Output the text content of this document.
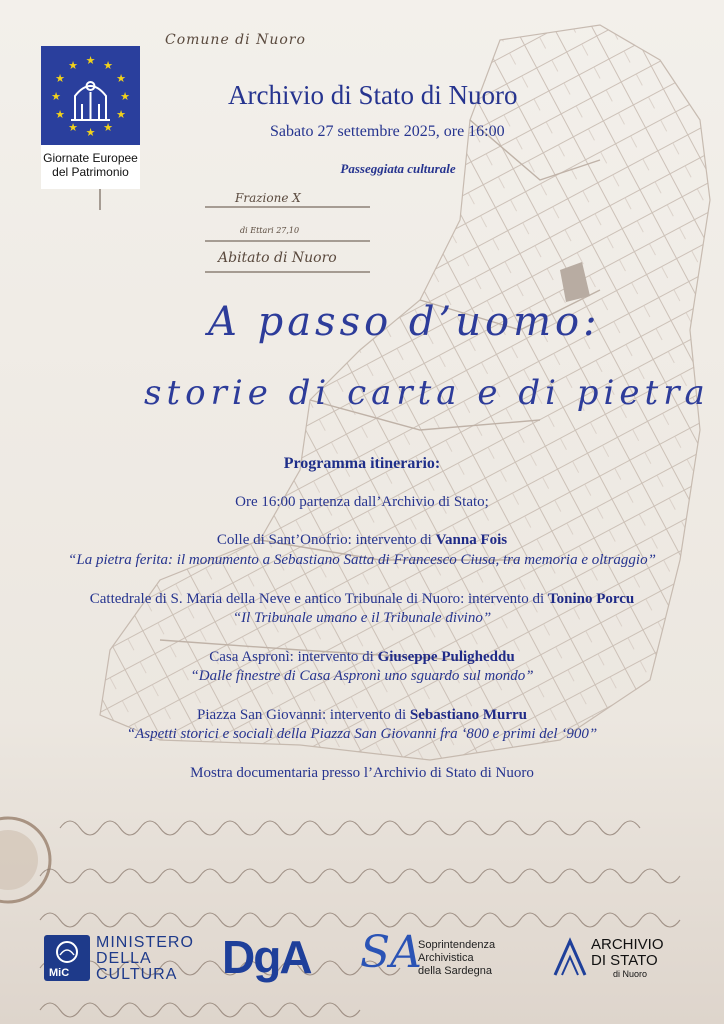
Comune di Nuoro
Frazione X
di Ettari 27,10
Abitato di Nuoro
★ ★
★
★
★
★
★
★
★
★
★
★
Giornate Europee
del Patrimonio
Archivio di Stato di Nuoro
Sabato 27 settembre 2025, ore 16:00
Passeggiata culturale
A passo d’uomo:
storie di carta e di pietra
Programma itinerario:
Ore 16:00 partenza dall’Archivio di Stato;
Colle di Sant’Onofrio: intervento di Vanna Fois
“La pietra ferita: il monumento a Sebastiano Satta di Francesco Ciusa, tra memoria e oltraggio”
Cattedrale di S. Maria della Neve e antico Tribunale di Nuoro: intervento di Tonino Porcu
“Il Tribunale umano e il Tribunale divino”
Casa Aspronì: intervento di Giuseppe Puligheddu
“Dalle finestre di Casa Aspronì uno sguardo sul mondo”
Piazza San Giovanni: intervento di Sebastiano Murru
“Aspetti storici e sociali della Piazza San Giovanni fra ‘800 e primi del ‘900”
Mostra documentaria presso l’Archivio di Stato di Nuoro
MiC
MINISTERO
DELLA
CULTURA DgA SA
Soprintendenza
Archivistica
della Sardegna
ARCHIVIO
DI STATO
di Nuoro
